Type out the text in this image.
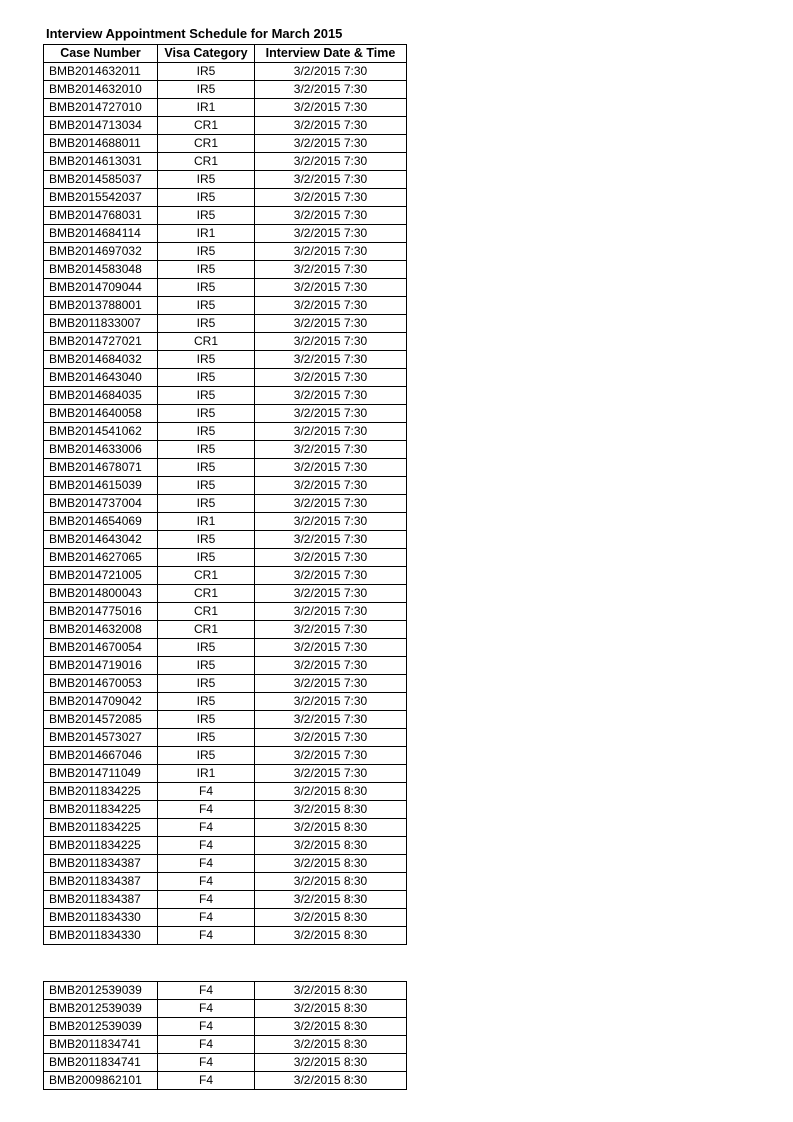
Interview Appointment Schedule for March 2015
Case Number	Visa Category	Interview Date & Time
BMB2014632011	IR5	3/2/2015 7:30
BMB2014632010	IR5	3/2/2015 7:30
BMB2014727010	IR1	3/2/2015 7:30
BMB2014713034	CR1	3/2/2015 7:30
BMB2014688011	CR1	3/2/2015 7:30
BMB2014613031	CR1	3/2/2015 7:30
BMB2014585037	IR5	3/2/2015 7:30
BMB2015542037	IR5	3/2/2015 7:30
BMB2014768031	IR5	3/2/2015 7:30
BMB2014684114	IR1	3/2/2015 7:30
BMB2014697032	IR5	3/2/2015 7:30
BMB2014583048	IR5	3/2/2015 7:30
BMB2014709044	IR5	3/2/2015 7:30
BMB2013788001	IR5	3/2/2015 7:30
BMB2011833007	IR5	3/2/2015 7:30
BMB2014727021	CR1	3/2/2015 7:30
BMB2014684032	IR5	3/2/2015 7:30
BMB2014643040	IR5	3/2/2015 7:30
BMB2014684035	IR5	3/2/2015 7:30
BMB2014640058	IR5	3/2/2015 7:30
BMB2014541062	IR5	3/2/2015 7:30
BMB2014633006	IR5	3/2/2015 7:30
BMB2014678071	IR5	3/2/2015 7:30
BMB2014615039	IR5	3/2/2015 7:30
BMB2014737004	IR5	3/2/2015 7:30
BMB2014654069	IR1	3/2/2015 7:30
BMB2014643042	IR5	3/2/2015 7:30
BMB2014627065	IR5	3/2/2015 7:30
BMB2014721005	CR1	3/2/2015 7:30
BMB2014800043	CR1	3/2/2015 7:30
BMB2014775016	CR1	3/2/2015 7:30
BMB2014632008	CR1	3/2/2015 7:30
BMB2014670054	IR5	3/2/2015 7:30
BMB2014719016	IR5	3/2/2015 7:30
BMB2014670053	IR5	3/2/2015 7:30
BMB2014709042	IR5	3/2/2015 7:30
BMB2014572085	IR5	3/2/2015 7:30
BMB2014573027	IR5	3/2/2015 7:30
BMB2014667046	IR5	3/2/2015 7:30
BMB2014711049	IR1	3/2/2015 7:30
BMB2011834225	F4	3/2/2015 8:30
BMB2011834225	F4	3/2/2015 8:30
BMB2011834225	F4	3/2/2015 8:30
BMB2011834225	F4	3/2/2015 8:30
BMB2011834387	F4	3/2/2015 8:30
BMB2011834387	F4	3/2/2015 8:30
BMB2011834387	F4	3/2/2015 8:30
BMB2011834330	F4	3/2/2015 8:30
BMB2011834330	F4	3/2/2015 8:30
BMB2012539039	F4	3/2/2015 8:30
BMB2012539039	F4	3/2/2015 8:30
BMB2012539039	F4	3/2/2015 8:30
BMB2011834741	F4	3/2/2015 8:30
BMB2011834741	F4	3/2/2015 8:30
BMB2009862101	F4	3/2/2015 8:30
